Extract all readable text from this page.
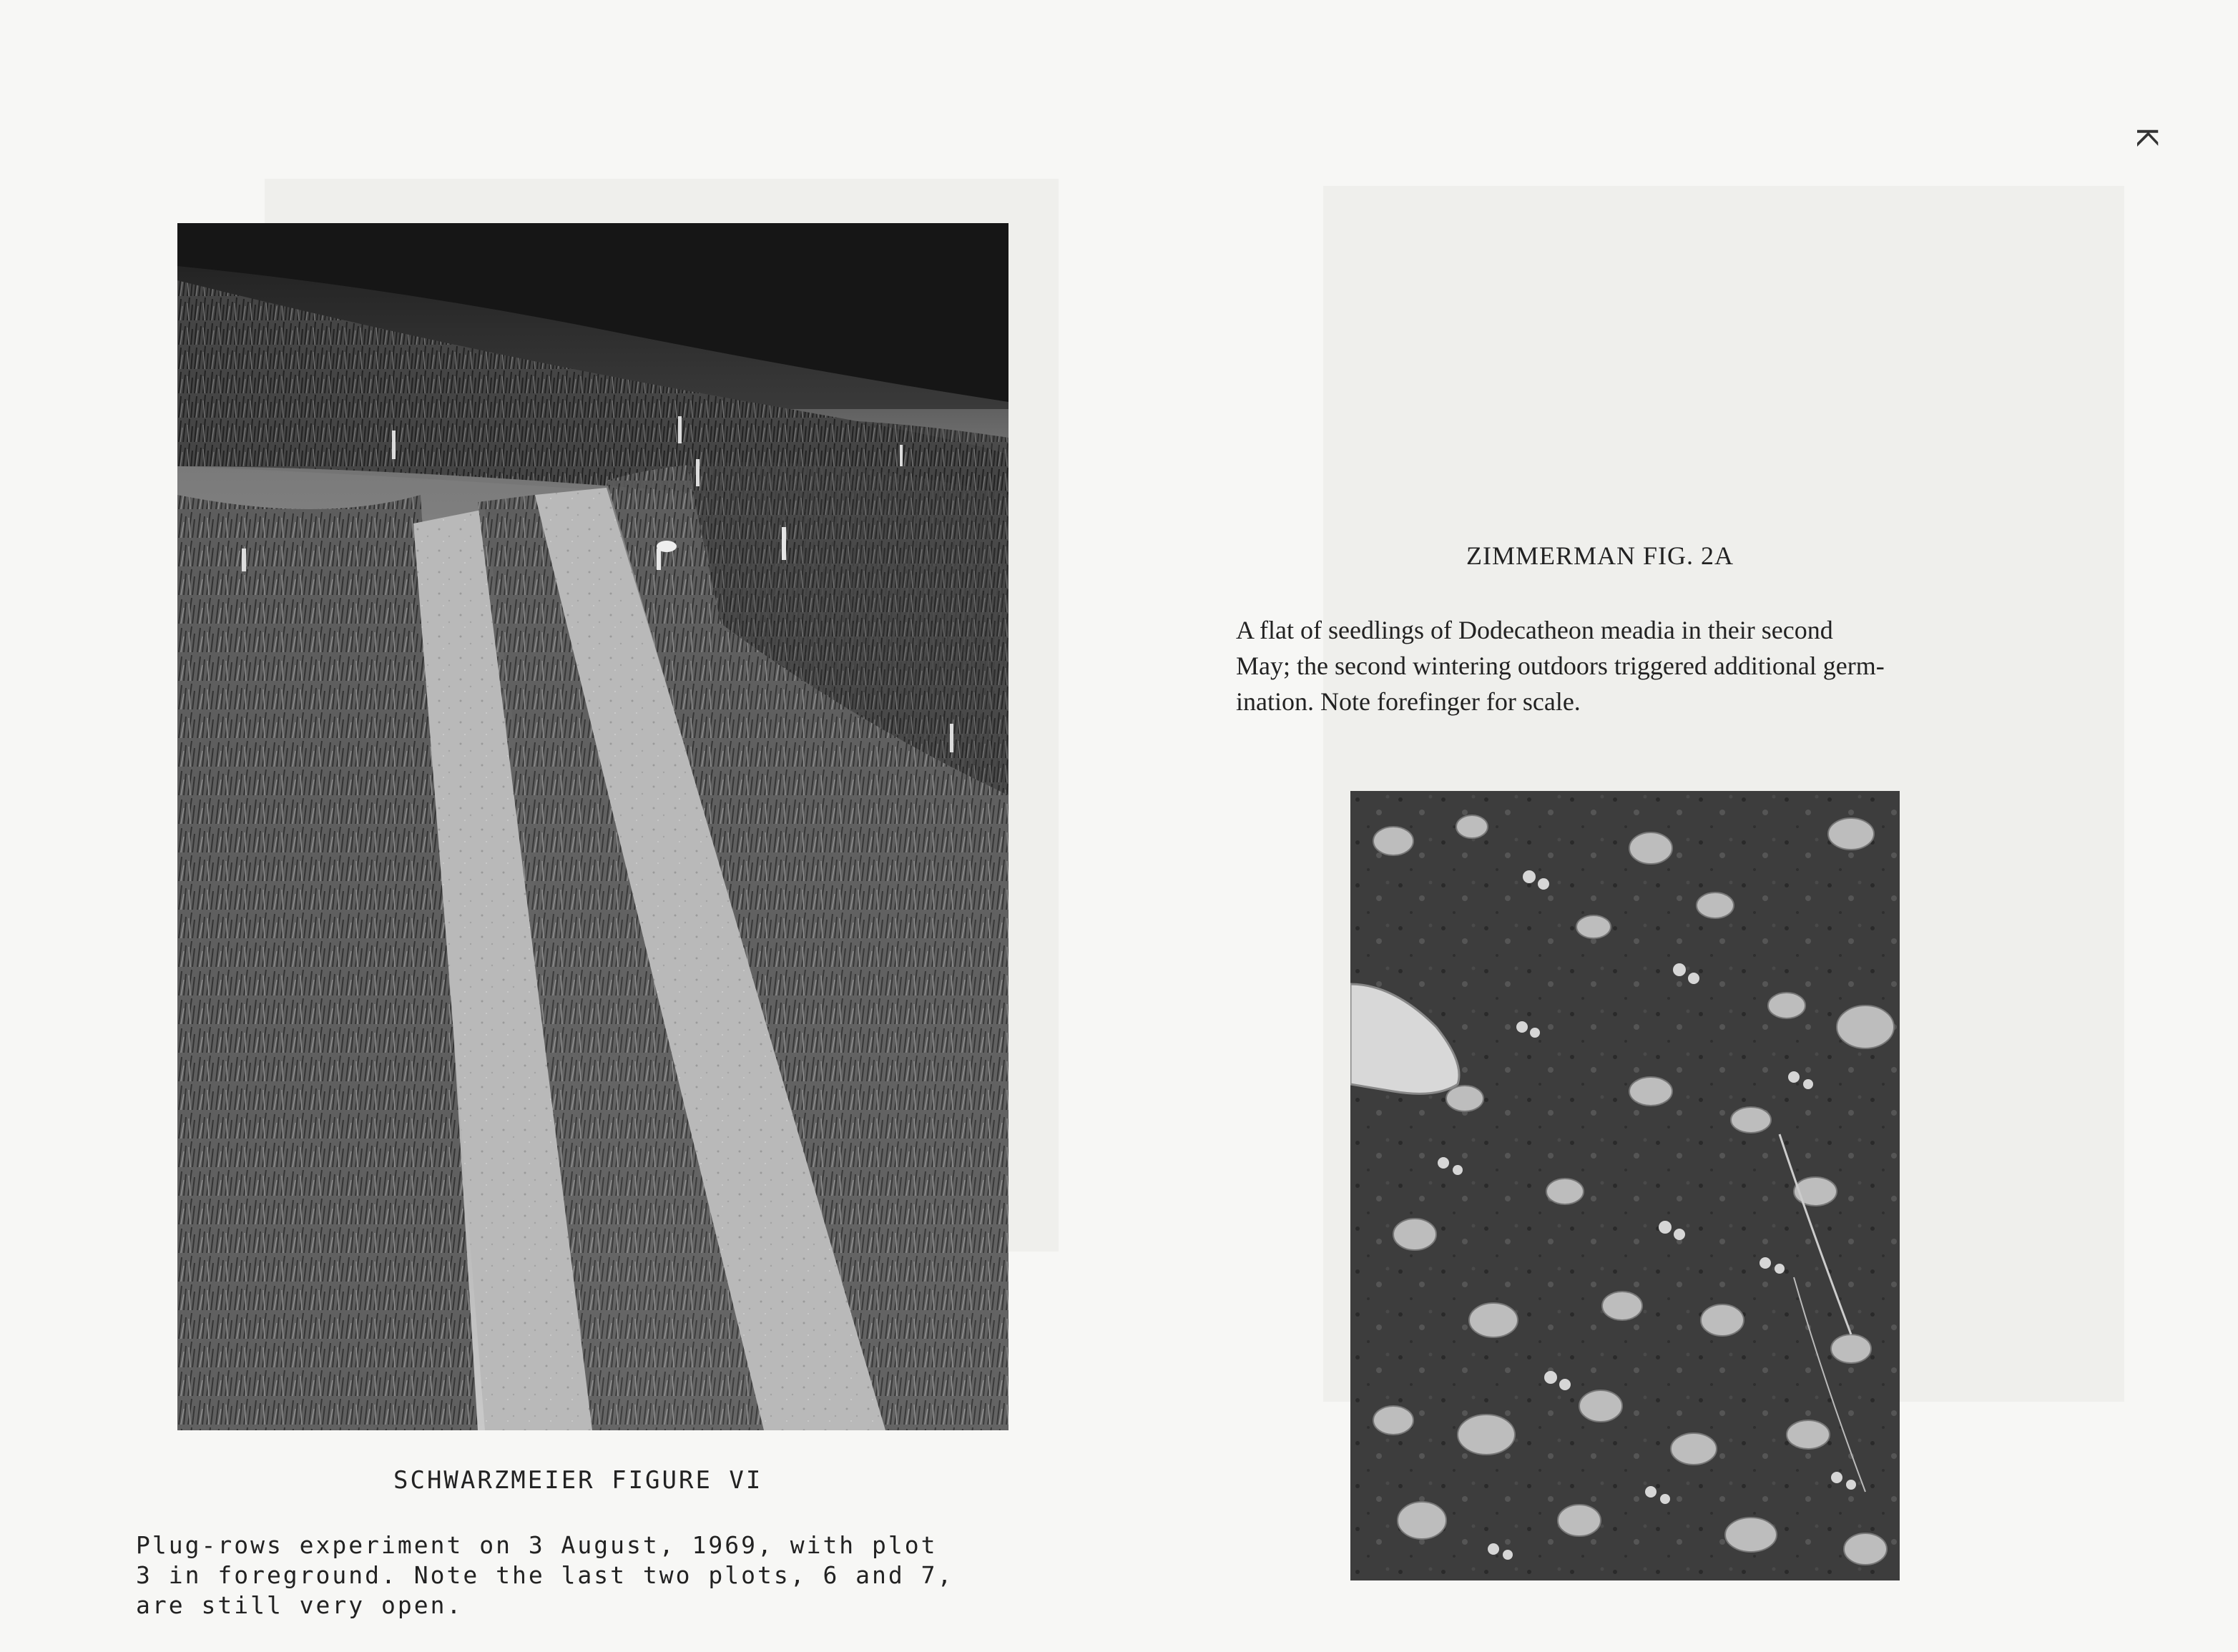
K
SCHWARZMEIER FIGURE VI
Plug-rows experiment on 3 August, 1969, with plot
3 in foreground. Note the last two plots, 6 and 7,
are still very open.
ZIMMERMAN FIG. 2A
A flat of seedlings of Dodecatheon meadia in their second
May; the second wintering outdoors triggered additional germ-
ination. Note forefinger for scale.
